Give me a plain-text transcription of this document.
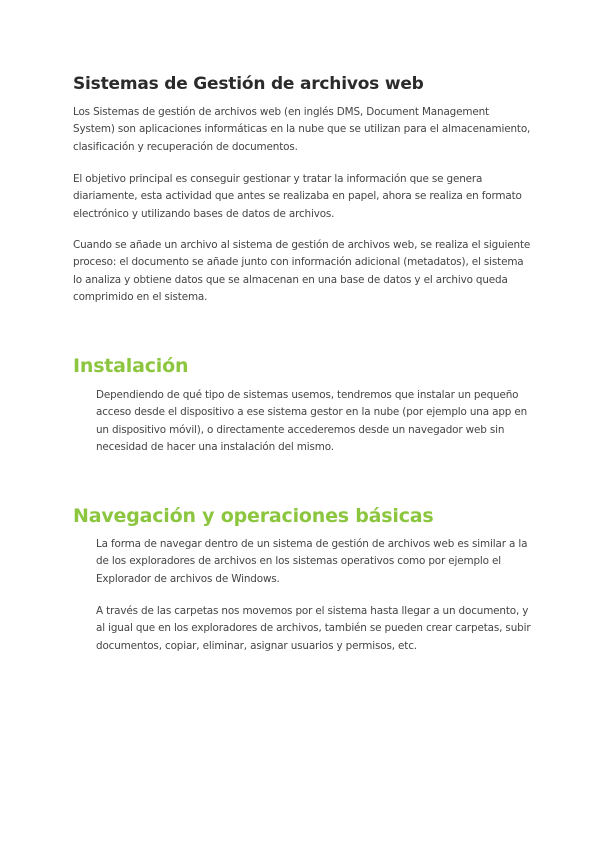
Sistemas de Gestión de archivos web

Los Sistemas de gestión de archivos web (en inglés DMS, Document Management System) son aplicaciones informáticas en la nube que se utilizan para el almacenamiento, clasificación y recuperación de documentos.

El objetivo principal es conseguir gestionar y tratar la información que se genera diariamente, esta actividad que antes se realizaba en papel, ahora se realiza en formato electrónico y utilizando bases de datos de archivos.

Cuando se añade un archivo al sistema de gestión de archivos web, se realiza el siguiente proceso: el documento se añade junto con información adicional (metadatos), el sistema lo analiza y obtiene datos que se almacenan en una base de datos y el archivo queda comprimido en el sistema.

Instalación

Dependiendo de qué tipo de sistemas usemos, tendremos que instalar un pequeño acceso desde el dispositivo a ese sistema gestor en la nube (por ejemplo una app en un dispositivo móvil), o directamente accederemos desde un navegador web sin necesidad de hacer una instalación del mismo.

Navegación y operaciones básicas

La forma de navegar dentro de un sistema de gestión de archivos web es similar a la de los exploradores de archivos en los sistemas operativos como por ejemplo el Explorador de archivos de Windows.

A través de las carpetas nos movemos por el sistema hasta llegar a un documento, y al igual que en los exploradores de archivos, también se pueden crear carpetas, subir documentos, copiar, eliminar, asignar usuarios y permisos, etc.
